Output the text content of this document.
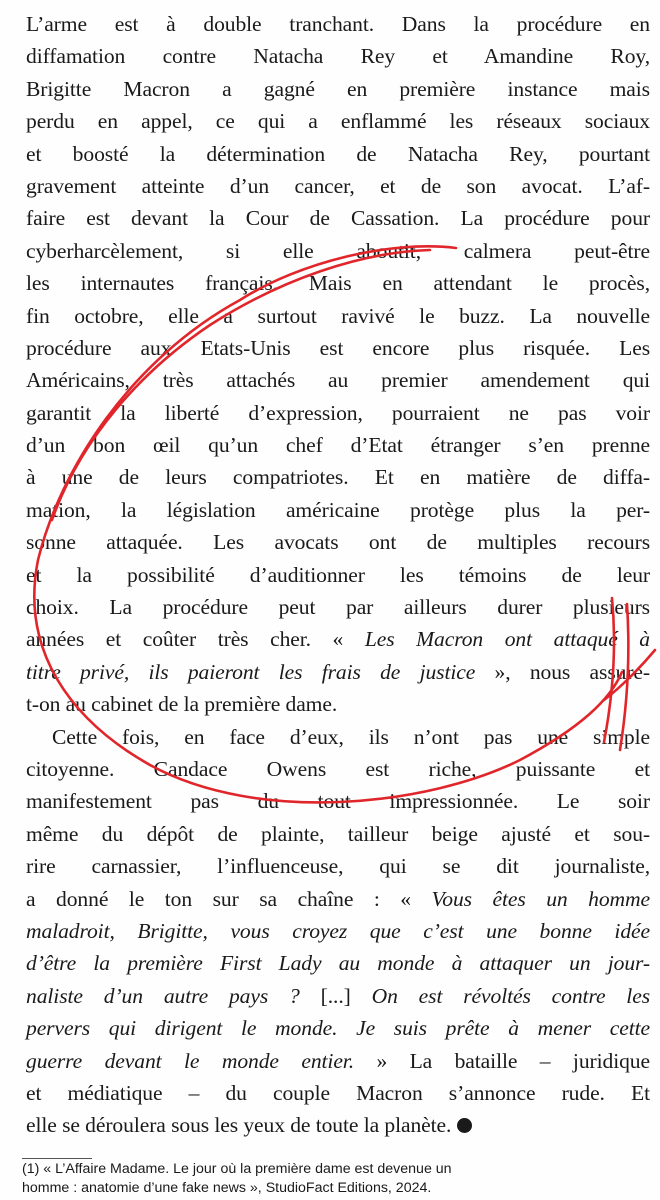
L’arme est à double tranchant. Dans la procédure en
diffamation contre Natacha Rey et Amandine Roy,
Brigitte Macron a gagné en première instance mais
perdu en appel, ce qui a enflammé les réseaux sociaux
et boosté la détermination de Natacha Rey, pourtant
gravement atteinte d’un cancer, et de son avocat. L’af-
faire est devant la Cour de Cassation. La procédure pour
cyberharcèlement, si elle aboutit, calmera peut-être
les internautes français. Mais en attendant le procès,
fin octobre, elle a surtout ravivé le buzz. La nouvelle
procédure aux Etats-Unis est encore plus risquée. Les
Américains, très attachés au premier amendement qui
garantit la liberté d’expression, pourraient ne pas voir
d’un bon œil qu’un chef d’Etat étranger s’en prenne
à une de leurs compatriotes. Et en matière de diffa-
mation, la législation américaine protège plus la per-
sonne attaquée. Les avocats ont de multiples recours
et la possibilité d’auditionner les témoins de leur
choix. La procédure peut par ailleurs durer plusieurs
années et coûter très cher. « Les Macron ont attaqué à
titre privé, ils paieront les frais de justice », nous assure-
t-on au cabinet de la première dame.
Cette fois, en face d’eux, ils n’ont pas une simple
citoyenne. Candace Owens est riche, puissante et
manifestement pas du tout impressionnée. Le soir
même du dépôt de plainte, tailleur beige ajusté et sou-
rire carnassier, l’influenceuse, qui se dit journaliste,
a donné le ton sur sa chaîne : « Vous êtes un homme
maladroit, Brigitte, vous croyez que c’est une bonne idée
d’être la première First Lady au monde à attaquer un jour-
naliste d’un autre pays ? [...] On est révoltés contre les
pervers qui dirigent le monde. Je suis prête à mener cette
guerre devant le monde entier. » La bataille – juridique
et médiatique – du couple Macron s’annonce rude. Et
elle se déroulera sous les yeux de toute la planète.
(1) « L’Affaire Madame. Le jour où la première dame est devenue un
homme : anatomie d’une fake news », StudioFact Editions, 2024.
